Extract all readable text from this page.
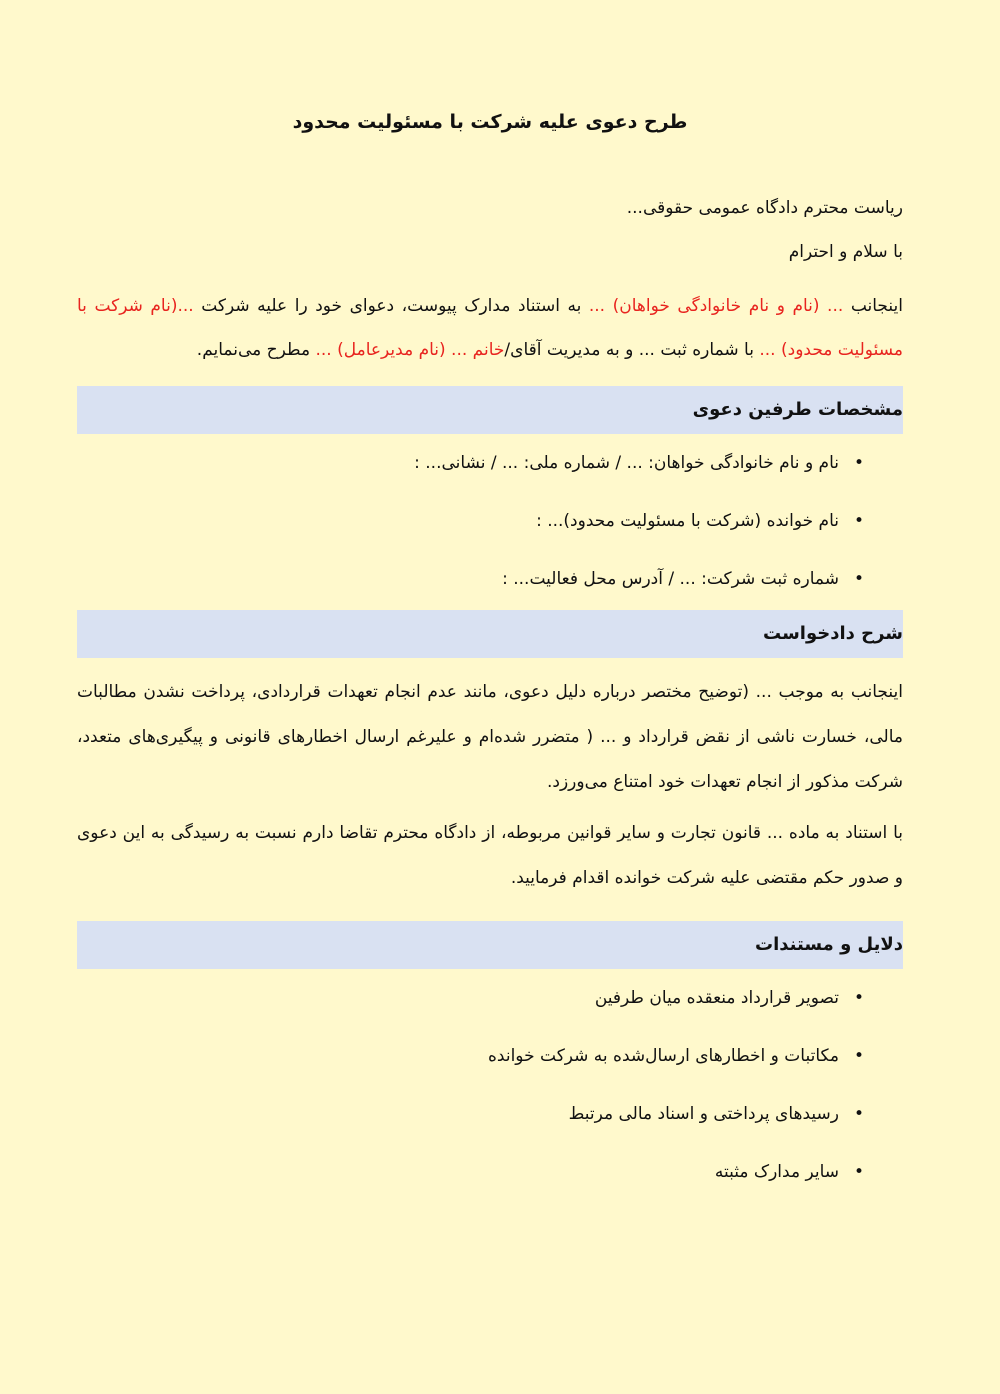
طرح دعوی علیه شرکت با مسئولیت محدود
ریاست محترم دادگاه عمومی حقوقی...
با سلام و احترام
اینجانب ... (نام و نام خانوادگی خواهان) ... به استناد مدارک پیوست، دعوای خود را علیه شرکت ...(نام شرکت با مسئولیت محدود) ... با شماره ثبت ... و به مدیریت آقای/خانم ... (نام مدیرعامل) ... مطرح می‌نمایم.
مشخصات طرفین دعوی
• نام و نام خانوادگی خواهان: ... / شماره ملی: ... / نشانی... :
• نام خوانده (شرکت با مسئولیت محدود)... :
• شماره ثبت شرکت: ... / آدرس محل فعالیت... :
شرح دادخواست
اینجانب به موجب ... (توضیح مختصر درباره دلیل دعوی، مانند عدم انجام تعهدات قراردادی، پرداخت نشدن مطالبات مالی، خسارت ناشی از نقض قرارداد و ... ( متضرر شده‌ام و علیرغم ارسال اخطارهای قانونی و پیگیری‌های متعدد، شرکت مذکور از انجام تعهدات خود امتناع می‌ورزد.
با استناد به ماده ... قانون تجارت و سایر قوانین مربوطه، از دادگاه محترم تقاضا دارم نسبت به رسیدگی به این دعوی و صدور حکم مقتضی علیه شرکت خوانده اقدام فرمایید.
دلایل و مستندات
• تصویر قرارداد منعقده میان طرفین
• مکاتبات و اخطارهای ارسال‌شده به شرکت خوانده
• رسیدهای پرداختی و اسناد مالی مرتبط
• سایر مدارک مثبته
